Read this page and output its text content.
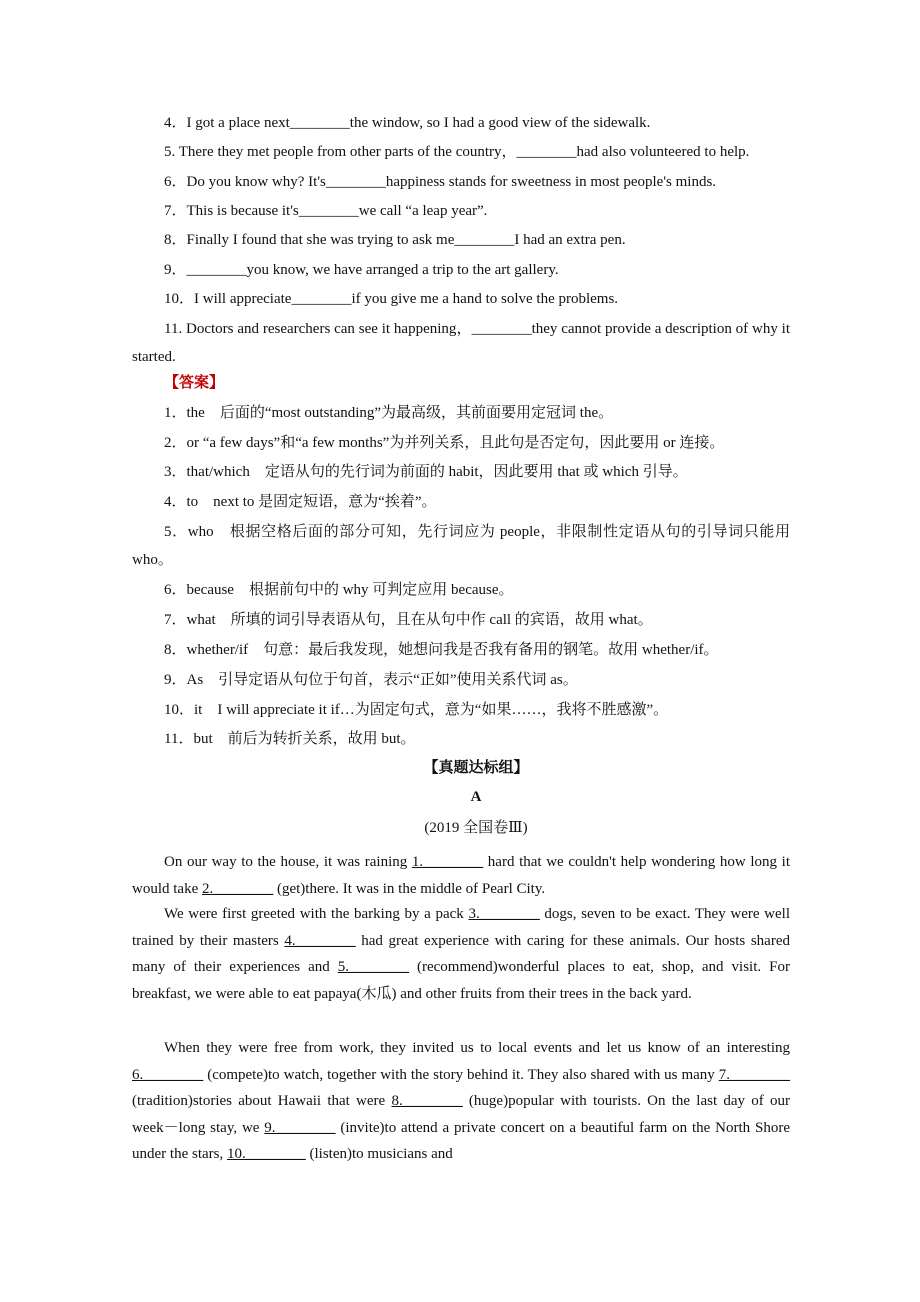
4．I got a place next________the window, so I had a good view of the sidewalk.
5. There they met people from other parts of the country，________had also volunteered to help.
6．Do you know why? It's________happiness stands for sweetness in most people's minds.
7．This is because it's________we call “a leap year”.
8．Finally I found that she was trying to ask me________I had an extra pen.
9．________you know, we have arranged a trip to the art gallery.
10．I will appreciate________if you give me a hand to solve the problems.
11. Doctors and researchers can see it happening，________they cannot provide a description of why it started.
【答案】
1．the　后面的“most outstanding”为最高级，其前面要用定冠词 the。
2．or “a few days”和“a few months”为并列关系，且此句是否定句，因此要用 or 连接。
3．that/which　定语从句的先行词为前面的 habit，因此要用 that 或 which 引导。
4．to　next to 是固定短语，意为“挨着”。
5．who　根据空格后面的部分可知，先行词应为 people，非限制性定语从句的引导词只能用 who。
6．because　根据前句中的 why 可判定应用 because。
7．what　所填的词引导表语从句，且在从句中作 call 的宾语，故用 what。
8．whether/if　句意：最后我发现，她想问我是否我有备用的钢笔。故用 whether/if。
9．As　引导定语从句位于句首，表示“正如”使用关系代词 as。
10．it　I will appreciate it if…为固定句式，意为“如果……，我将不胜感激”。
11．but　前后为转折关系，故用 but。
【真题达标组】
A
(2019 全国卷Ⅲ)
On our way to the house, it was raining 1.________ hard that we couldn't help wondering how long it would take 2.________ (get)there. It was in the middle of Pearl City.
We were first greeted with the barking by a pack 3.________ dogs, seven to be exact. They were well trained by their masters 4.________ had great experience with caring for these animals. Our hosts shared many of their experiences and 5.________ (recommend)wonderful places to eat, shop, and visit. For breakfast, we were able to eat papaya(木瓜) and other fruits from their trees in the back yard.
When they were free from work, they invited us to local events and let us know of an interesting 6.________ (compete)to watch, together with the story behind it. They also shared with us many 7.________ (tradition)stories about Hawaii that were 8.________ (huge)popular with tourists. On the last day of our week－long stay, we 9.________ (invite)to attend a private concert on a beautiful farm on the North Shore under the stars, 10.________ (listen)to musicians and
